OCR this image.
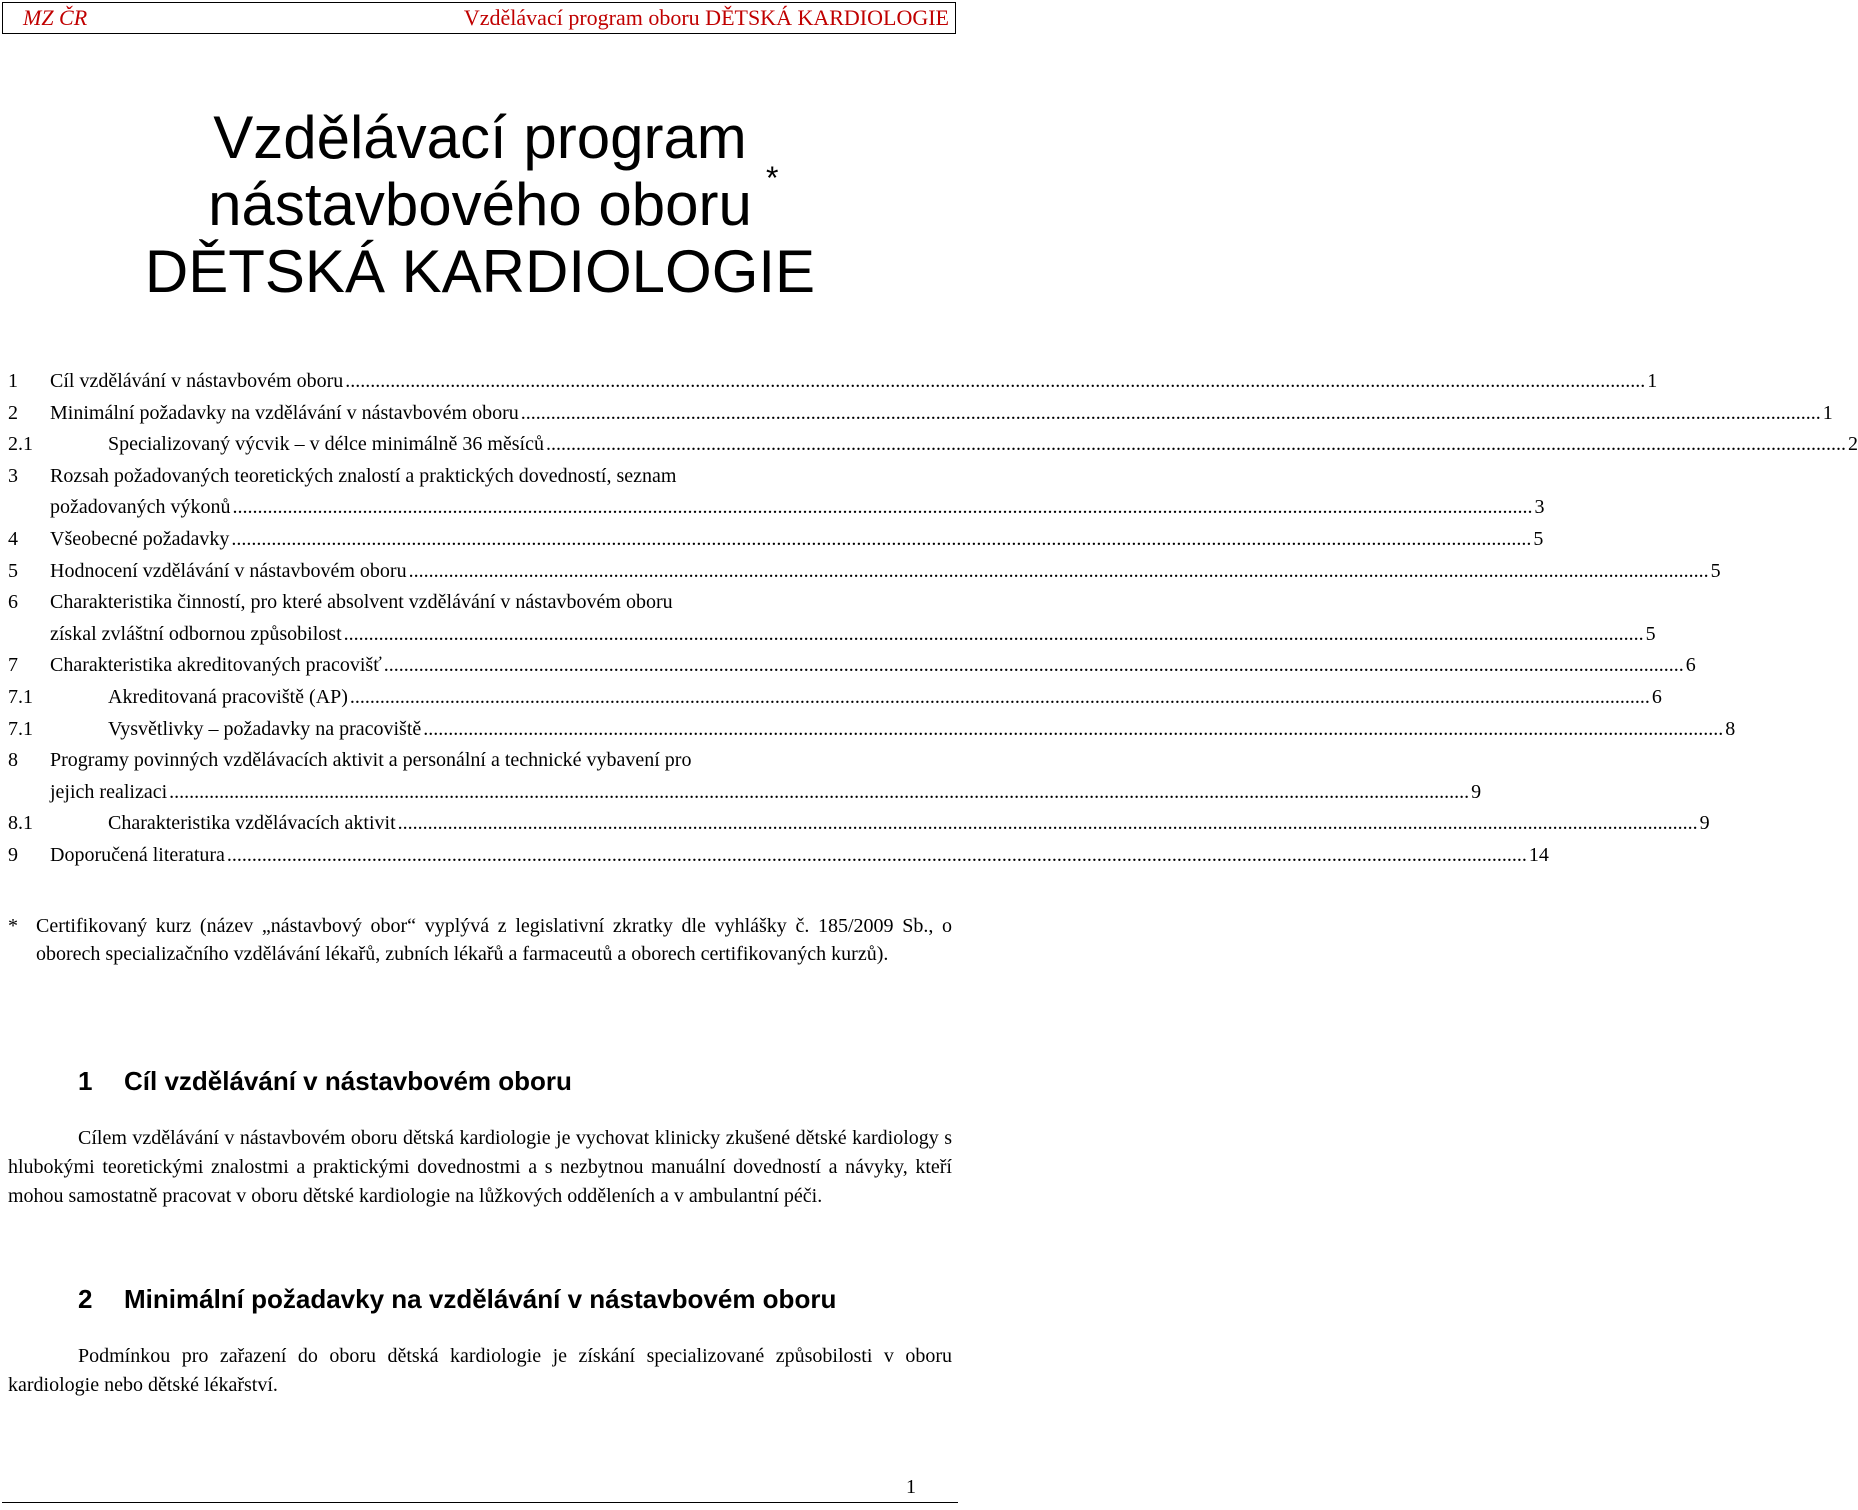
MZ ČR	Vzdělávací program oboru DĚTSKÁ KARDIOLOGIE
Vzdělávací program
nástavbového oboru
DĚTSKÁ KARDIOLOGIE
*
1	Cíl vzdělávání v nástavbovém oboru .....	1
2	Minimální požadavky na vzdělávání v nástavbovém oboru .....	1
2.1	Specializovaný výcvik – v délce minimálně 36 měsíců .....	2
3	Rozsah požadovaných teoretických znalostí a praktických dovedností, seznam
požadovaných výkonů .....	3
4	Všeobecné požadavky .....	5
5	Hodnocení vzdělávání v nástavbovém oboru .....	5
6	Charakteristika činností, pro které absolvent vzdělávání v nástavbovém oboru
získal zvláštní odbornou způsobilost .....	5
7	Charakteristika akreditovaných pracovišť .....	6
7.1	Akreditovaná pracoviště (AP) .....	6
7.1	Vysvětlivky – požadavky na pracoviště .....	8
8	Programy povinných vzdělávacích aktivit a personální a technické vybavení pro
jejich realizaci .....	9
8.1	Charakteristika vzdělávacích aktivit .....	9
9	Doporučená literatura .....	14
* Certifikovaný kurz (název „nástavbový obor“ vyplývá z legislativní zkratky dle vyhlášky č. 185/2009 Sb., o oborech specializačního vzdělávání lékařů, zubních lékařů a farmaceutů a oborech certifikovaných kurzů).
1 Cíl vzdělávání v nástavbovém oboru
Cílem vzdělávání v nástavbovém oboru dětská kardiologie je vychovat klinicky zkušené dětské kardiology s hlubokými teoretickými znalostmi a praktickými dovednostmi a s nezbytnou manuální dovedností a návyky, kteří mohou samostatně pracovat v oboru dětské kardiologie na lůžkových odděleních a v ambulantní péči.
2 Minimální požadavky na vzdělávání v nástavbovém oboru
Podmínkou pro zařazení do oboru dětská kardiologie je získání specializované způsobilosti v oboru kardiologie nebo dětské lékařství.
1
